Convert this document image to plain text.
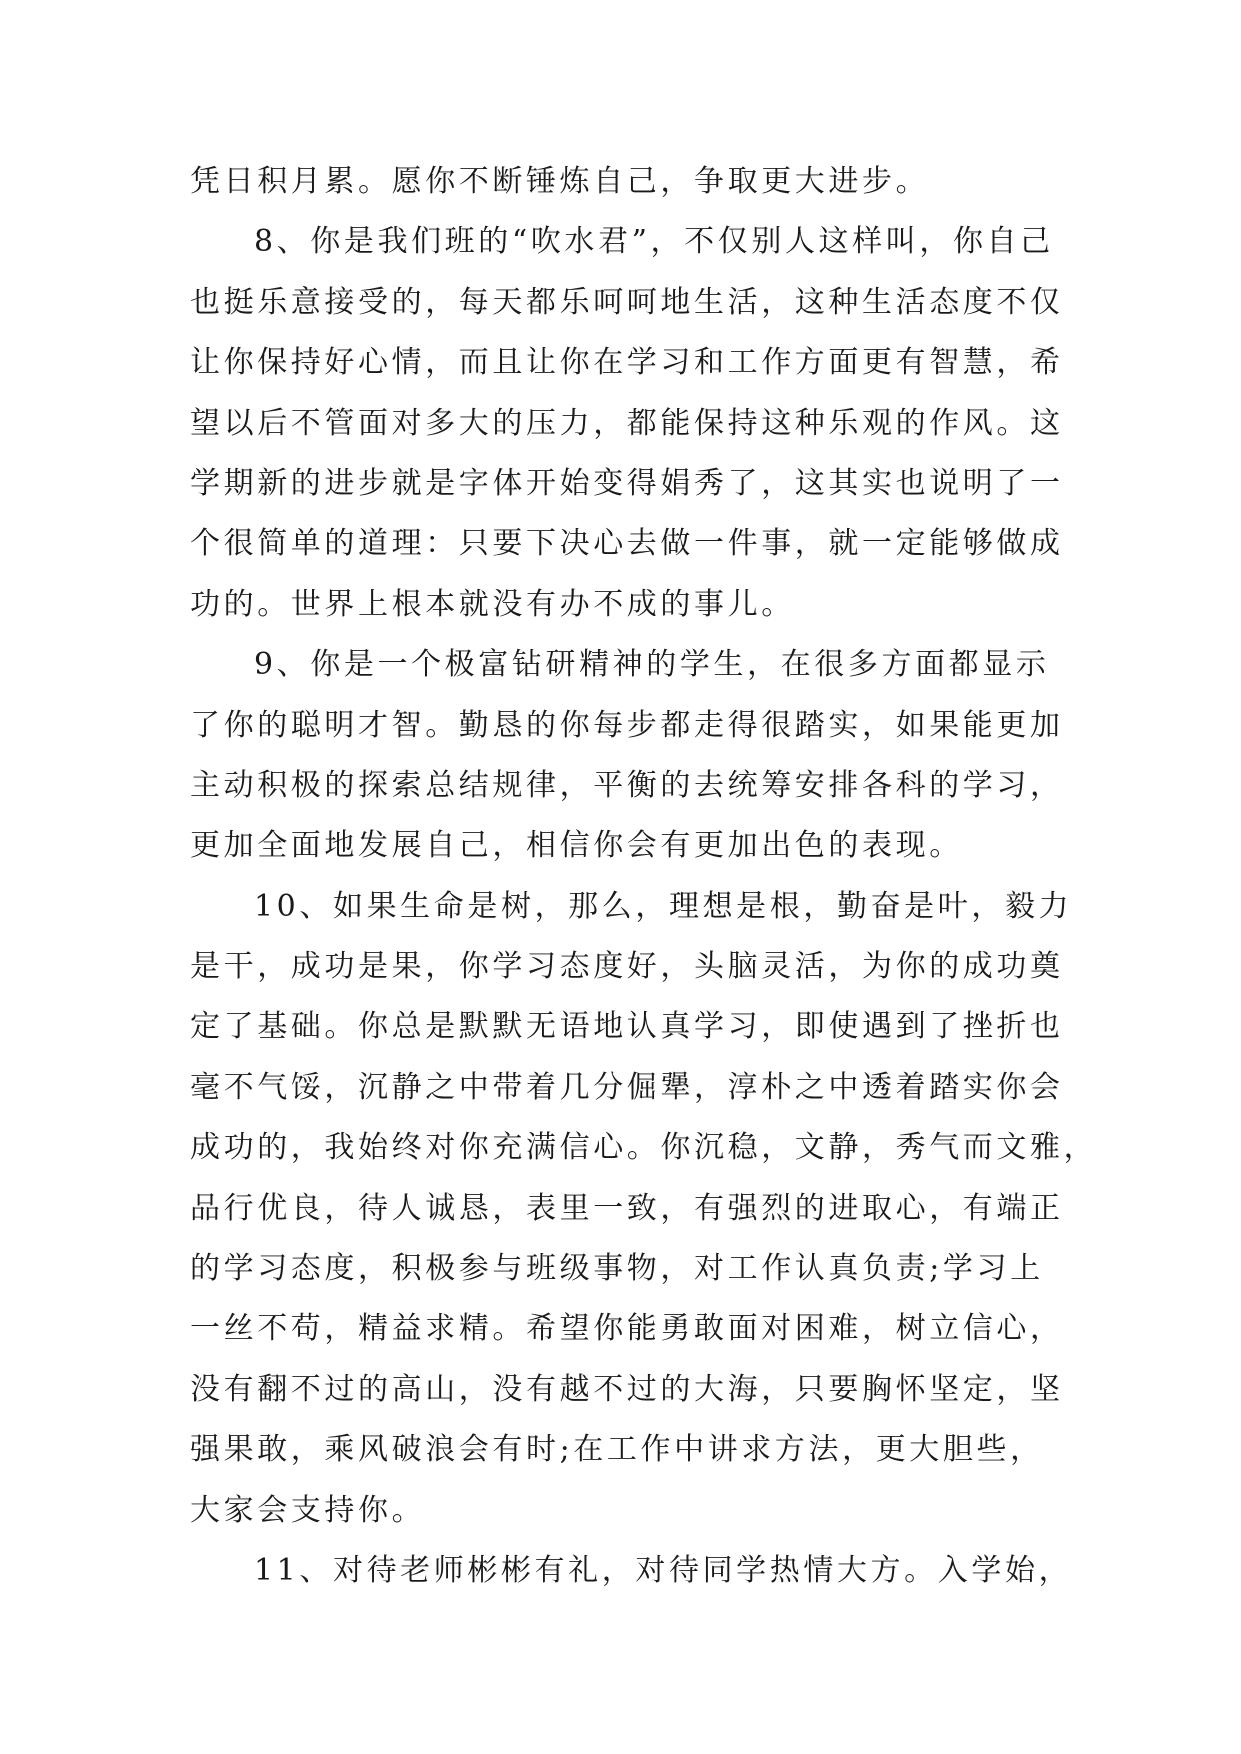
凭日积月累。愿你不断锤炼自己，争取更大进步。
8、你是我们班的“吹水君”，不仅别人这样叫，你自己
也挺乐意接受的，每天都乐呵呵地生活，这种生活态度不仅
让你保持好心情，而且让你在学习和工作方面更有智慧，希
望以后不管面对多大的压力，都能保持这种乐观的作风。这
学期新的进步就是字体开始变得娟秀了，这其实也说明了一
个很简单的道理：只要下决心去做一件事，就一定能够做成
功的。世界上根本就没有办不成的事儿。
9、你是一个极富钻研精神的学生，在很多方面都显示
了你的聪明才智。勤恳的你每步都走得很踏实，如果能更加
主动积极的探索总结规律，平衡的去统筹安排各科的学习，
更加全面地发展自己，相信你会有更加出色的表现。
10、如果生命是树，那么，理想是根，勤奋是叶，毅力
是干，成功是果，你学习态度好，头脑灵活，为你的成功奠
定了基础。你总是默默无语地认真学习，即使遇到了挫折也
毫不气馁，沉静之中带着几分倔犟，淳朴之中透着踏实你会
成功的，我始终对你充满信心。你沉稳，文静，秀气而文雅，
品行优良，待人诚恳，表里一致，有强烈的进取心，有端正
的学习态度，积极参与班级事物，对工作认真负责;学习上
一丝不苟，精益求精。希望你能勇敢面对困难，树立信心，
没有翻不过的高山，没有越不过的大海，只要胸怀坚定，坚
强果敢，乘风破浪会有时;在工作中讲求方法，更大胆些，
大家会支持你。
11、对待老师彬彬有礼，对待同学热情大方。入学始，
